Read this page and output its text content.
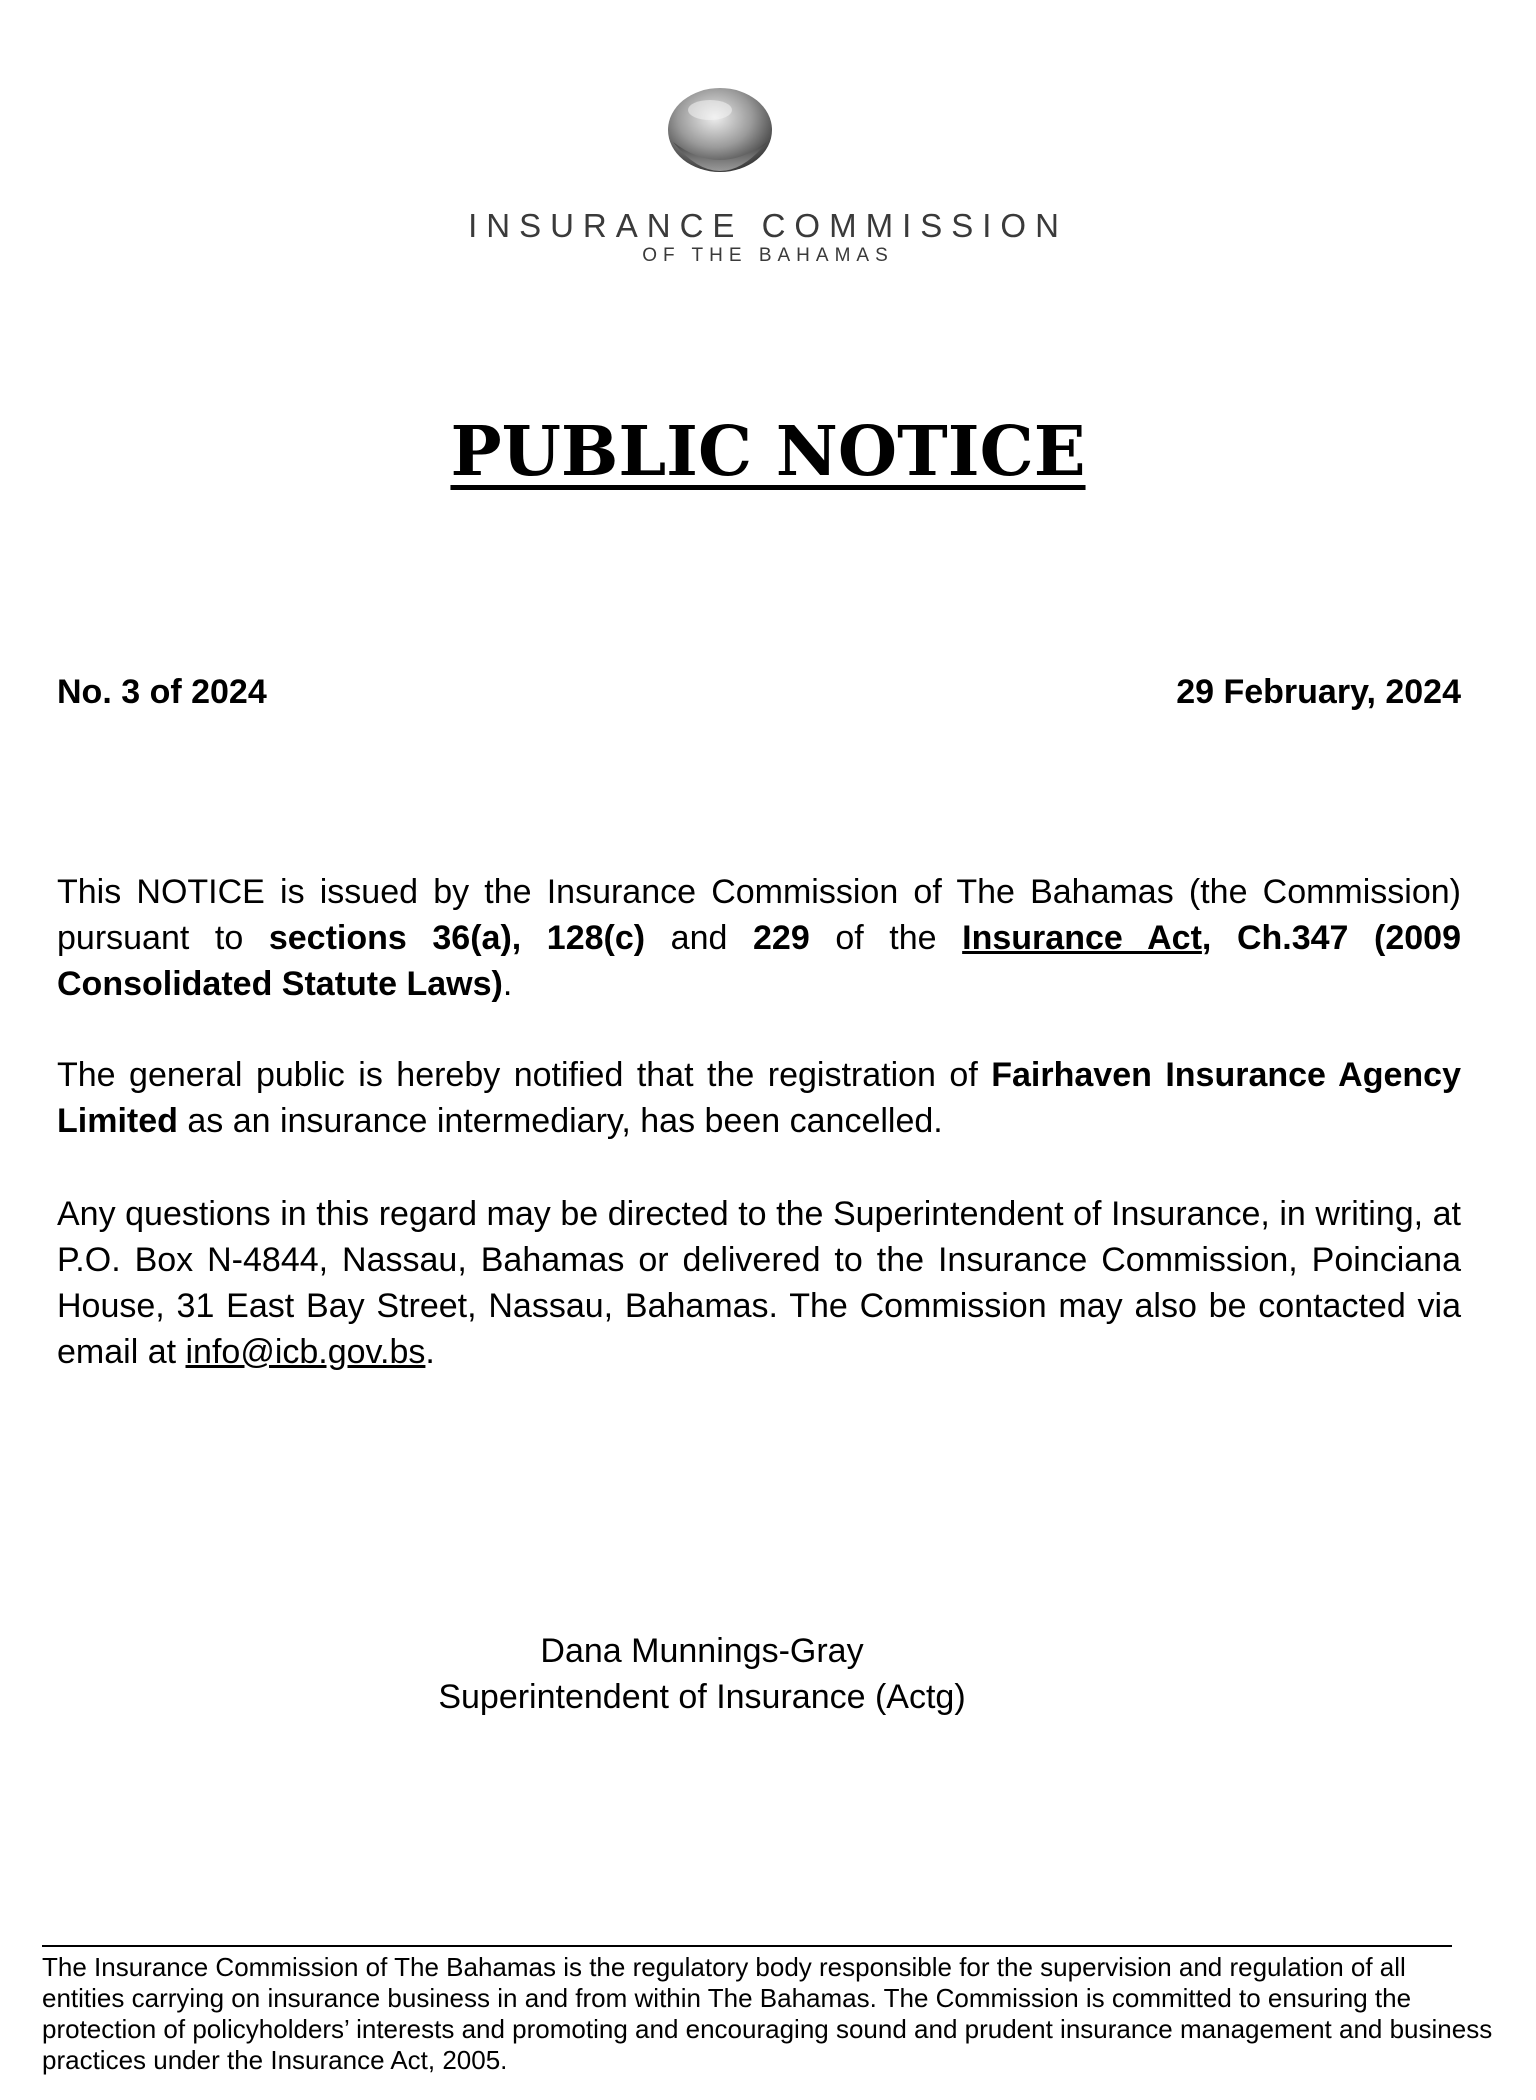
INSURANCE COMMISSION
OF THE BAHAMAS
PUBLIC NOTICE
No. 3 of 2024	29 February, 2024

This NOTICE is issued by the Insurance Commission of The Bahamas (the Commission) pursuant to sections 36(a), 128(c) and 229 of the Insurance Act, Ch.347 (2009 Consolidated Statute Laws).

The general public is hereby notified that the registration of Fairhaven Insurance Agency Limited as an insurance intermediary, has been cancelled.

Any questions in this regard may be directed to the Superintendent of Insurance, in writing, at P.O. Box N-4844, Nassau, Bahamas or delivered to the Insurance Commission, Poinciana House, 31 East Bay Street, Nassau, Bahamas. The Commission may also be contacted via email at info@icb.gov.bs.

Dana Munnings-Gray
Superintendent of Insurance (Actg)

The Insurance Commission of The Bahamas is the regulatory body responsible for the supervision and regulation of all entities carrying on insurance business in and from within The Bahamas. The Commission is committed to ensuring the protection of policyholders’ interests and promoting and encouraging sound and prudent insurance management and business practices under the Insurance Act, 2005.
